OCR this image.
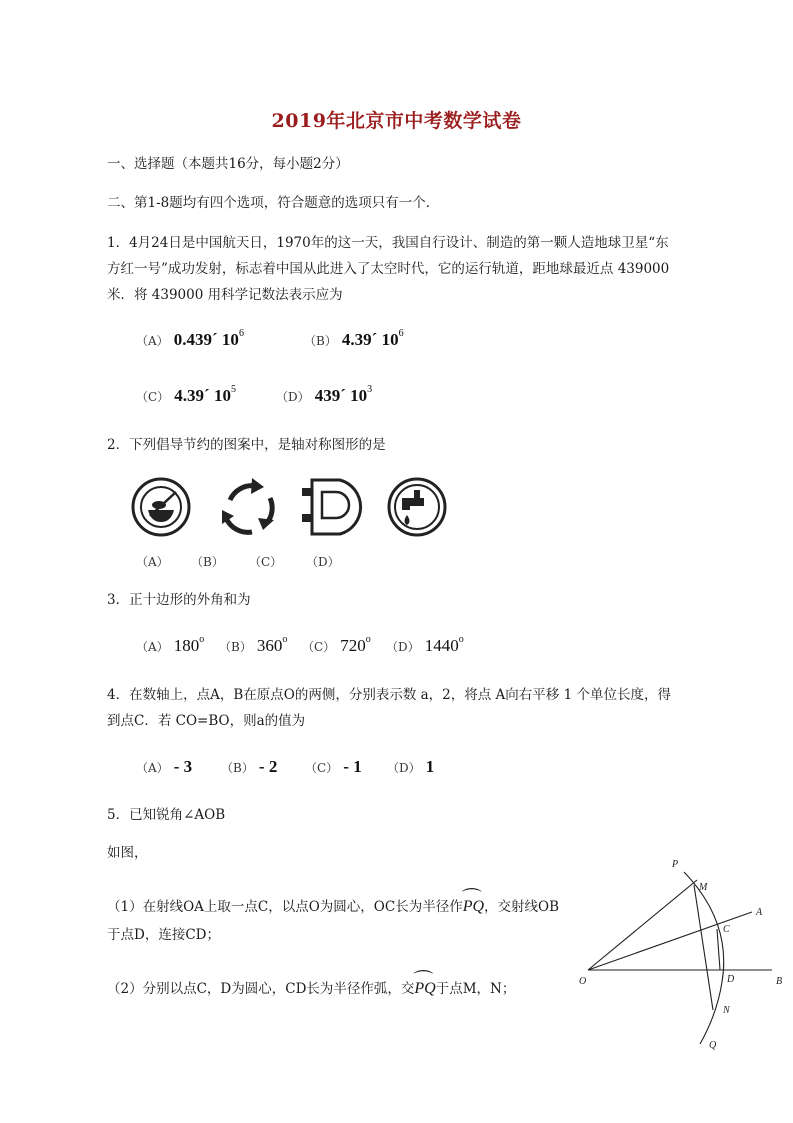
2019年北京市中考数学试卷
一、选择题（本题共16分，每小题2分）
二、第1-8题均有四个选项，符合题意的选项只有一个.
1．4月24日是中国航天日，1970年的这一天，我国自行设计、制造的第一颗人造地球卫星“东
方红一号”成功发射，标志着中国从此进入了太空时代，它的运行轨道，距地球最近点 439000
米．将 439000 用科学记数法表示应为
（A） 0.439´ $10^6$
（B） 4.39´ $10^6$
（C） 4.39´ $10^5$
（D） 439´ $10^3$
2．下列倡导节约的图案中，是轴对称图形的是
（A） （B） （C） （D）
3．正十边形的外角和为
（A） 180$^o$
（B） 360$^o$
（C） 720$^o$
（D） 1440$^o$
4．在数轴上，点A，B在原点O的两侧，分别表示数 a，2，将点 A向右平移 1 个单位长度，得
到点C．若 CO=BO，则a的值为
（A） - 3 （B） - 2 （C） - 1 （D） 1
5．已知锐角∠AOB
如图，
（1）在射线OA上取一点C，以点O为圆心，OC长为半径作⌒ PQ，交射线OB
于点D，连接CD；
（2）分别以点C，D为圆心，CD长为半径作弧，交⌒ PQ于点M，N；
P
M
A
C
O	D	B
N
Q
